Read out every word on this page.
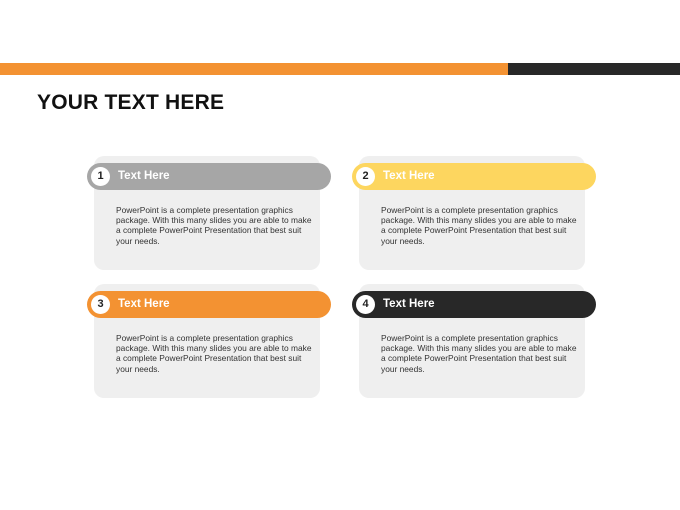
YOUR TEXT HERE
1	Text Here

PowerPoint is a complete presentation graphics package. With this many slides you are able to make a complete PowerPoint Presentation that best suit your needs.

2	Text Here

PowerPoint is a complete presentation graphics package. With this many slides you are able to make a complete PowerPoint Presentation that best suit your needs.

3	Text Here

PowerPoint is a complete presentation graphics package. With this many slides you are able to make a complete PowerPoint Presentation that best suit your needs.

4	Text Here

PowerPoint is a complete presentation graphics package. With this many slides you are able to make a complete PowerPoint Presentation that best suit your needs.
